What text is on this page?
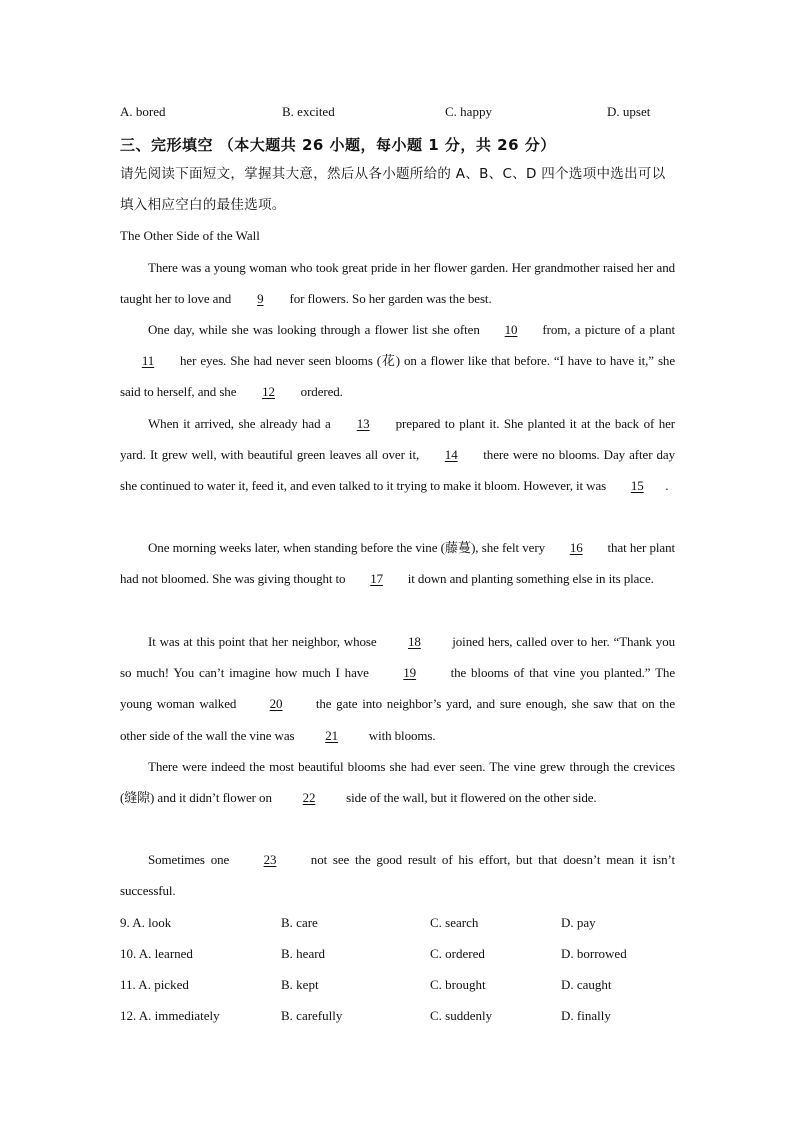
A. bored	B. excited	C. happy	D. upset
三、完形填空 （本大题共 26 小题，每小题 1 分，共 26 分）
请先阅读下面短文，掌握其大意，然后从各小题所给的 A、B、C、D 四个选项中选出可以填入相应空白的最佳选项。
The Other Side of the Wall
There was a young woman who took great pride in her flower garden. Her grandmother raised her and taught her to love and 9 for flowers. So her garden was the best.
One day, while she was looking through a flower list she often 10 from, a picture of a plant 11 her eyes. She had never seen blooms (花) on a flower like that before. “I have to have it,” she said to herself, and she 12 ordered.
When it arrived, she already had a 13 prepared to plant it. She planted it at the back of her yard. It grew well, with beautiful green leaves all over it, 14 there were no blooms. Day after day she continued to water it, feed it, and even talked to it trying to make it bloom. However, it was 15 .
One morning weeks later, when standing before the vine (藤蔓), she felt very 16 that her plant had not bloomed. She was giving thought to 17 it down and planting something else in its place.
It was at this point that her neighbor, whose 18 joined hers, called over to her. “Thank you so much! You can’t imagine how much I have 19 the blooms of that vine you planted.” The young woman walked 20 the gate into neighbor’s yard, and sure enough, she saw that on the other side of the wall the vine was 21 with blooms.
There were indeed the most beautiful blooms she had ever seen. The vine grew through the crevices (缝隙) and it didn’t flower on 22 side of the wall, but it flowered on the other side.
Sometimes one 23 not see the good result of his effort, but that doesn’t mean it isn’t successful.
9. A. look	B. care	C. search	D. pay
10. A. learned	B. heard	C. ordered	D. borrowed
11. A. picked	B. kept	C. brought	D. caught
12. A. immediately	B. carefully	C. suddenly	D. finally
